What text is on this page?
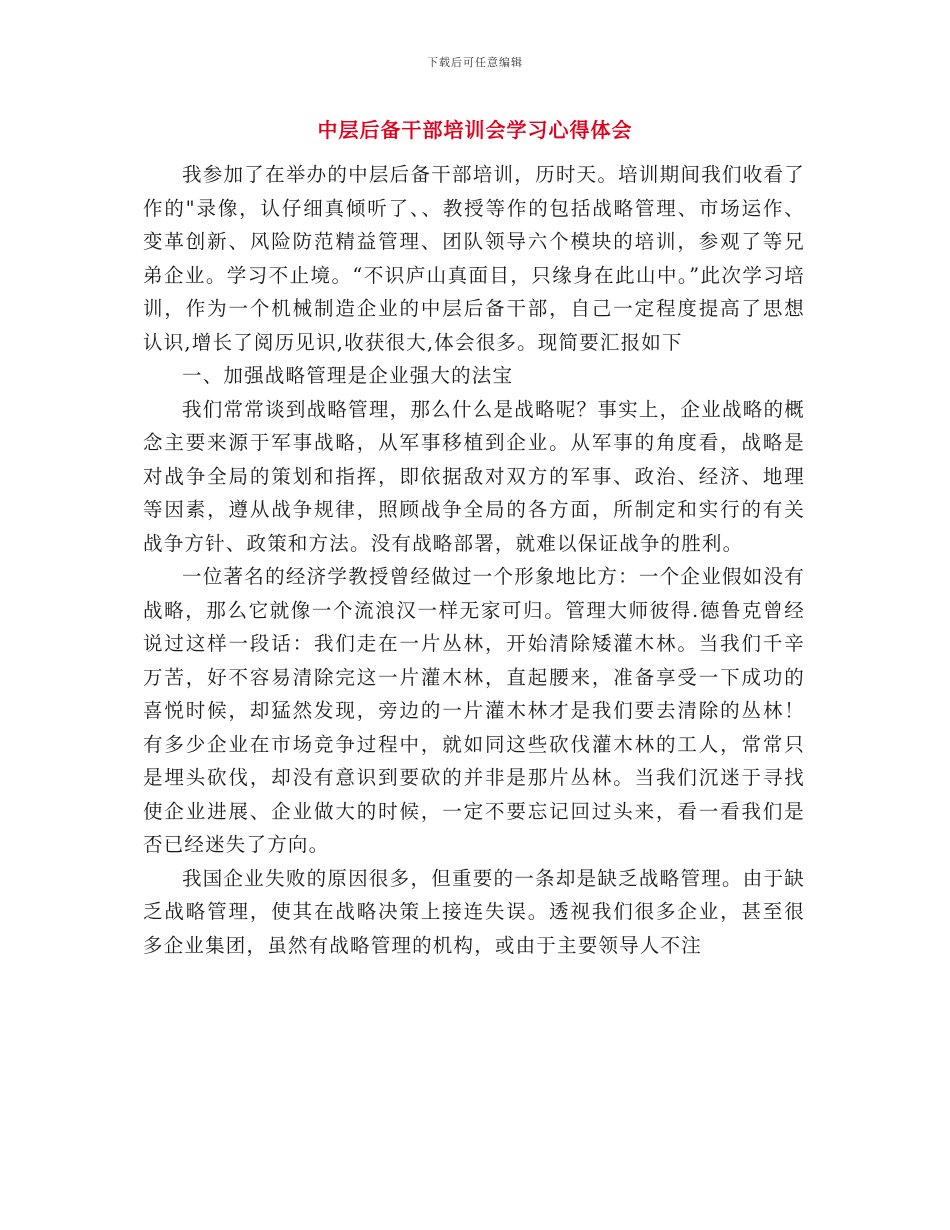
下载后可任意编辑
中层后备干部培训会学习心得体会

我参加了在举办的中层后备干部培训，历时天。培训期间我们收看了作的"录像，认仔细真倾听了、、教授等作的包括战略管理、市场运作、变革创新、风险防范精益管理、团队领导六个模块的培训，参观了等兄弟企业。学习不止境。“不识庐山真面目，只缘身在此山中。”此次学习培训，作为一个机械制造企业的中层后备干部，自己一定程度提高了思想认识,增长了阅历见识,收获很大,体会很多。现简要汇报如下

一、加强战略管理是企业强大的法宝

我们常常谈到战略管理，那么什么是战略呢？事实上，企业战略的概念主要来源于军事战略，从军事移植到企业。从军事的角度看，战略是对战争全局的策划和指挥，即依据敌对双方的军事、政治、经济、地理等因素，遵从战争规律，照顾战争全局的各方面，所制定和实行的有关战争方针、政策和方法。没有战略部署，就难以保证战争的胜利。

一位著名的经济学教授曾经做过一个形象地比方：一个企业假如没有战略，那么它就像一个流浪汉一样无家可归。管理大师彼得.德鲁克曾经说过这样一段话：我们走在一片丛林，开始清除矮灌木林。当我们千辛万苦，好不容易清除完这一片灌木林，直起腰来，准备享受一下成功的喜悦时候，却猛然发现，旁边的一片灌木林才是我们要去清除的丛林！有多少企业在市场竞争过程中，就如同这些砍伐灌木林的工人，常常只是埋头砍伐，却没有意识到要砍的并非是那片丛林。当我们沉迷于寻找使企业进展、企业做大的时候，一定不要忘记回过头来，看一看我们是否已经迷失了方向。

我国企业失败的原因很多，但重要的一条却是缺乏战略管理。由于缺乏战略管理，使其在战略决策上接连失误。透视我们很多企业，甚至很多企业集团，虽然有战略管理的机构，或由于主要领导人不注
